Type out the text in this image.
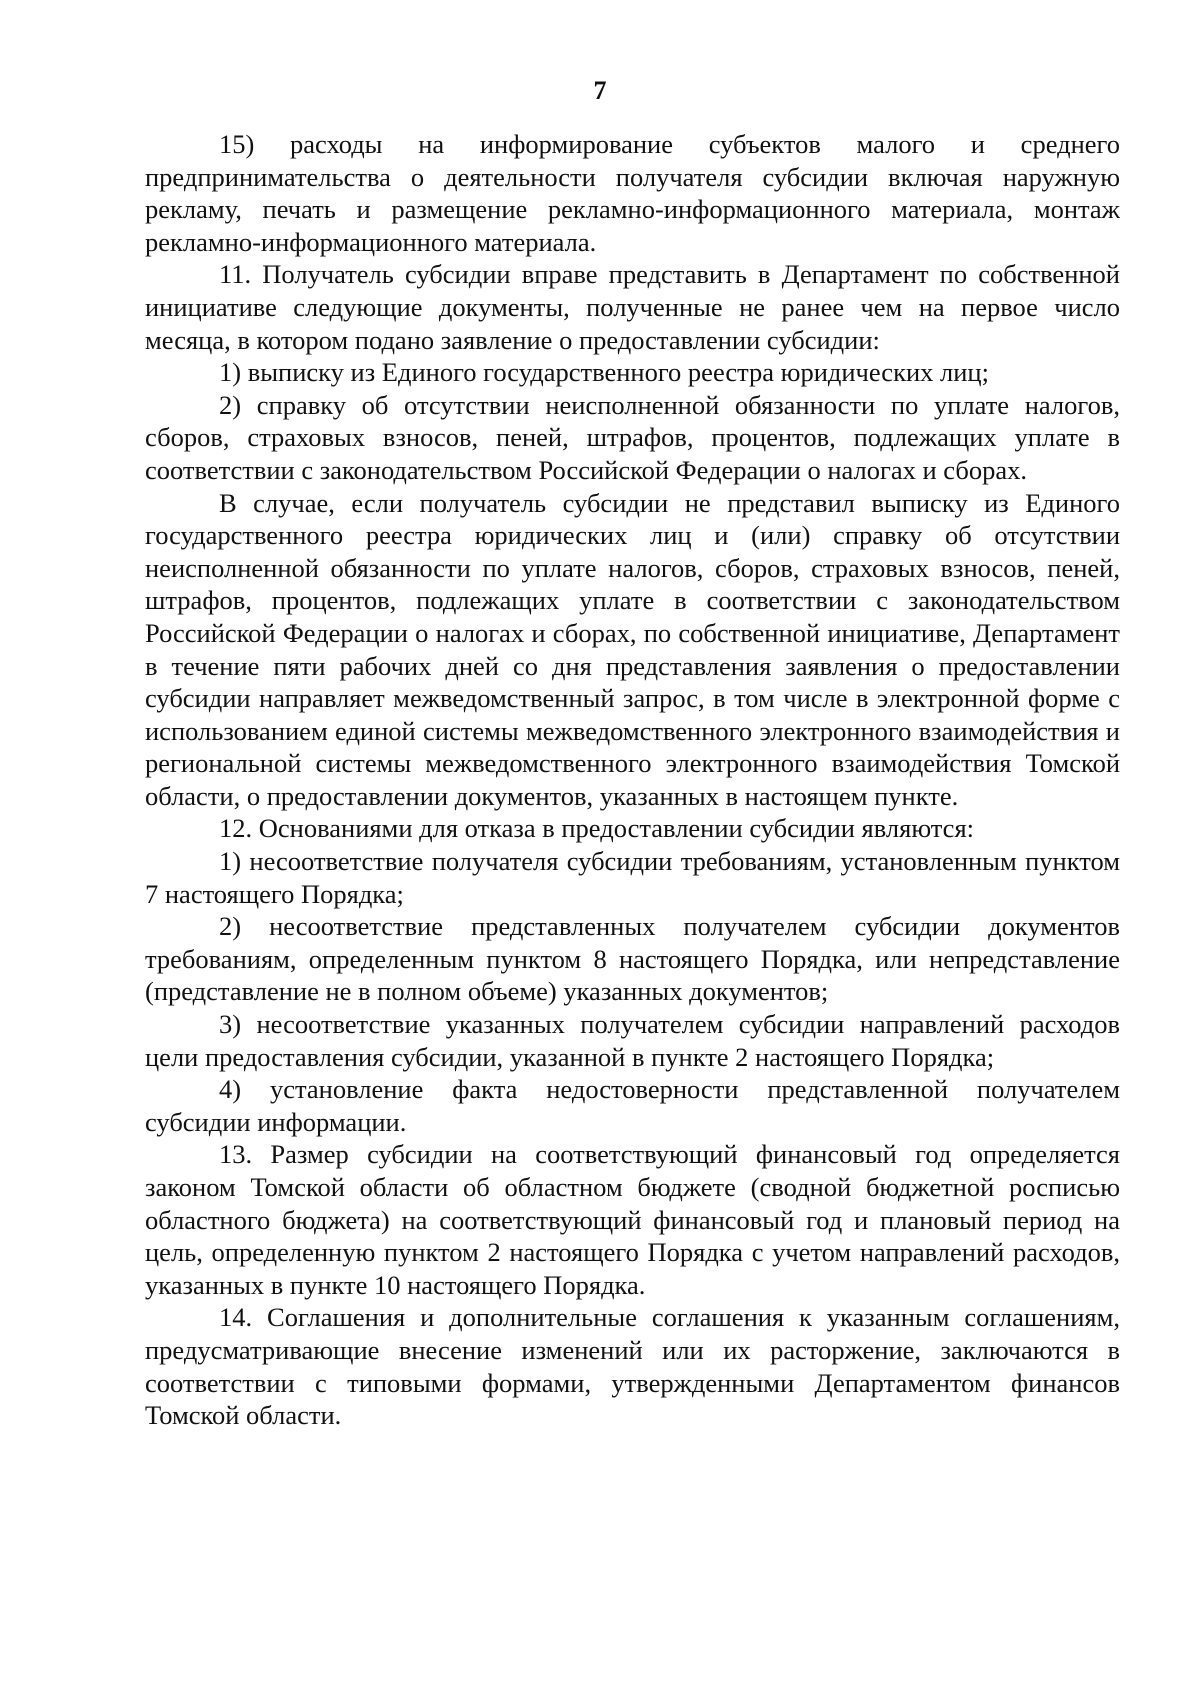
7

15) расходы на информирование субъектов малого и среднего предпринимательства о деятельности получателя субсидии включая наружную рекламу, печать и размещение рекламно-информационного материала, монтаж рекламно-информационного материала.

11. Получатель субсидии вправе представить в Департамент по собственной инициативе следующие документы, полученные не ранее чем на первое число месяца, в котором подано заявление о предоставлении субсидии:

1) выписку из Единого государственного реестра юридических лиц;

2) справку об отсутствии неисполненной обязанности по уплате налогов, сборов, страховых взносов, пеней, штрафов, процентов, подлежащих уплате в соответствии с законодательством Российской Федерации о налогах и сборах.

В случае, если получатель субсидии не представил выписку из Единого государственного реестра юридических лиц и (или) справку об отсутствии неисполненной обязанности по уплате налогов, сборов, страховых взносов, пеней, штрафов, процентов, подлежащих уплате в соответствии с законодательством Российской Федерации о налогах и сборах, по собственной инициативе, Департамент в течение пяти рабочих дней со дня представления заявления о предоставлении субсидии направляет межведомственный запрос, в том числе в электронной форме с использованием единой системы межведомственного электронного взаимодействия и региональной системы межведомственного электронного взаимодействия Томской области, о предоставлении документов, указанных в настоящем пункте.

12. Основаниями для отказа в предоставлении субсидии являются:

1) несоответствие получателя субсидии требованиям, установленным пунктом 7 настоящего Порядка;

2) несоответствие представленных получателем субсидии документов требованиям, определенным пунктом 8 настоящего Порядка, или непредставление (представление не в полном объеме) указанных документов;

3) несоответствие указанных получателем субсидии направлений расходов цели предоставления субсидии, указанной в пункте 2 настоящего Порядка;

4) установление факта недостоверности представленной получателем субсидии информации.

13. Размер субсидии на соответствующий финансовый год определяется законом Томской области об областном бюджете (сводной бюджетной росписью областного бюджета) на соответствующий финансовый год и плановый период на цель, определенную пунктом 2 настоящего Порядка с учетом направлений расходов, указанных в пункте 10 настоящего Порядка.

14. Соглашения и дополнительные соглашения к указанным соглашениям, предусматривающие внесение изменений или их расторжение, заключаются в соответствии с типовыми формами, утвержденными Департаментом финансов Томской области.
